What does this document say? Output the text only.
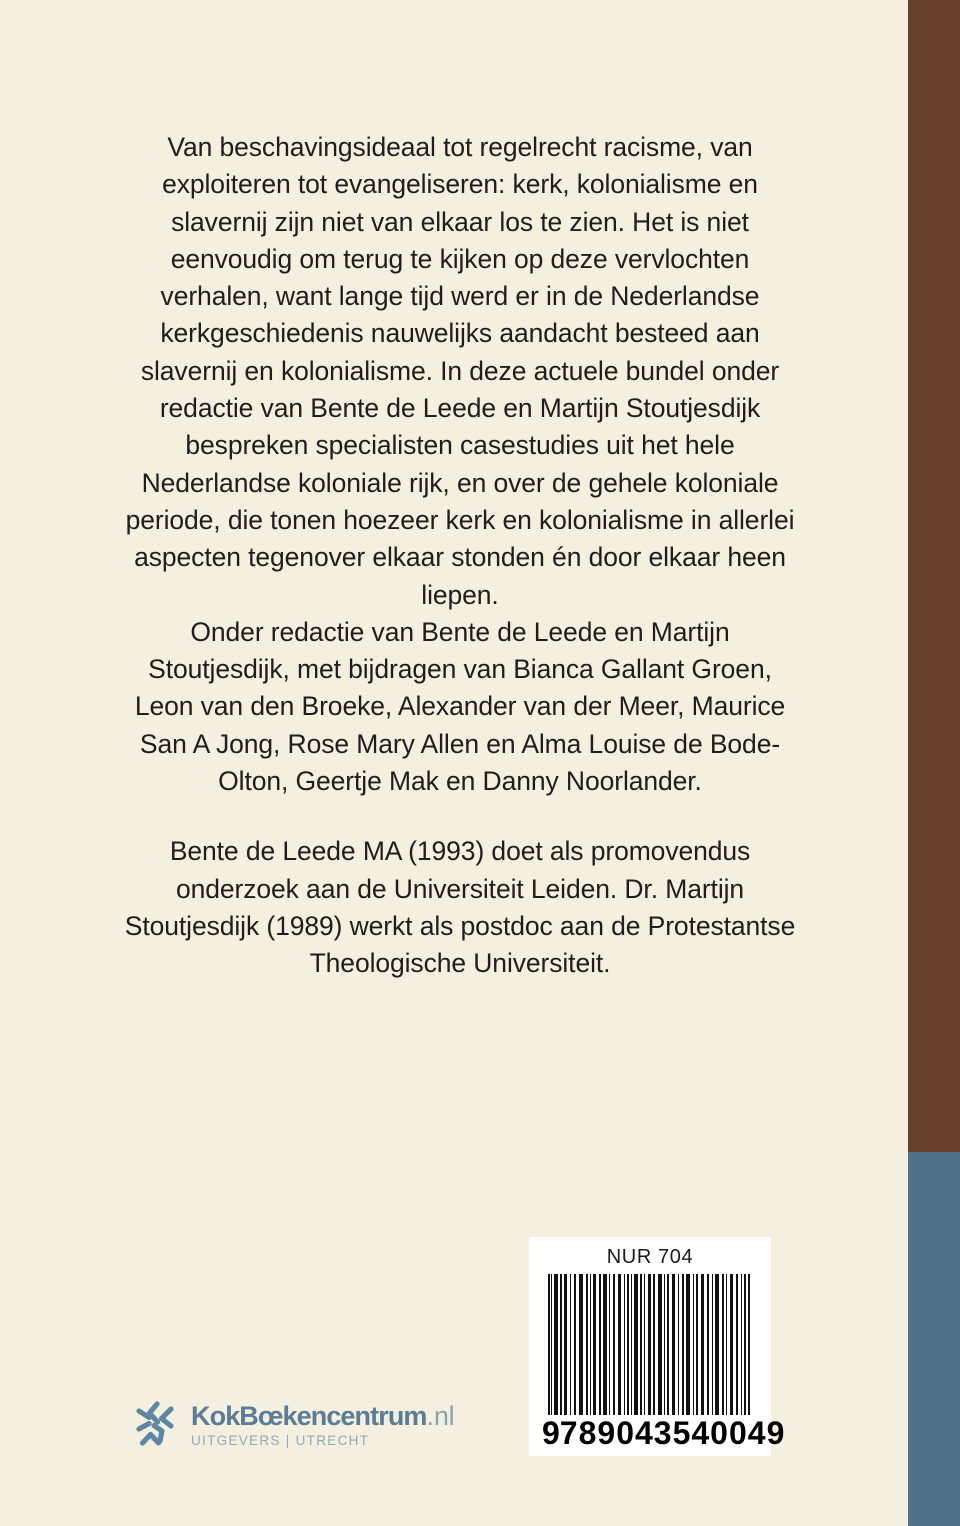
Van beschavingsideaal tot regelrecht racisme, van exploiteren tot evangeliseren: kerk, kolonialisme en slavernij zijn niet van elkaar los te zien. Het is niet eenvoudig om terug te kijken op deze vervlochten verhalen, want lange tijd werd er in de Nederlandse kerkgeschiedenis nauwelijks aandacht besteed aan slavernij en kolonialisme. In deze actuele bundel onder redactie van Bente de Leede en Martijn Stoutjesdijk bespreken specialisten casestudies uit het hele Nederlandse koloniale rijk, en over de gehele koloniale periode, die tonen hoezeer kerk en kolonialisme in allerlei aspecten tegenover elkaar stonden én door elkaar heen liepen.

Onder redactie van Bente de Leede en Martijn Stoutjesdijk, met bijdragen van Bianca Gallant Groen, Leon van den Broeke, Alexander van der Meer, Maurice San A Jong, Rose Mary Allen en Alma Louise de Bode-Olton, Geertje Mak en Danny Noorlander.

Bente de Leede MA (1993) doet als promovendus onderzoek aan de Universiteit Leiden. Dr. Martijn Stoutjesdijk (1989) werkt als postdoc aan de Protestantse Theologische Universiteit.

NUR 704
9 789043 540049
KokBœkencentrum.nl
UITGEVERS | UTRECHT
